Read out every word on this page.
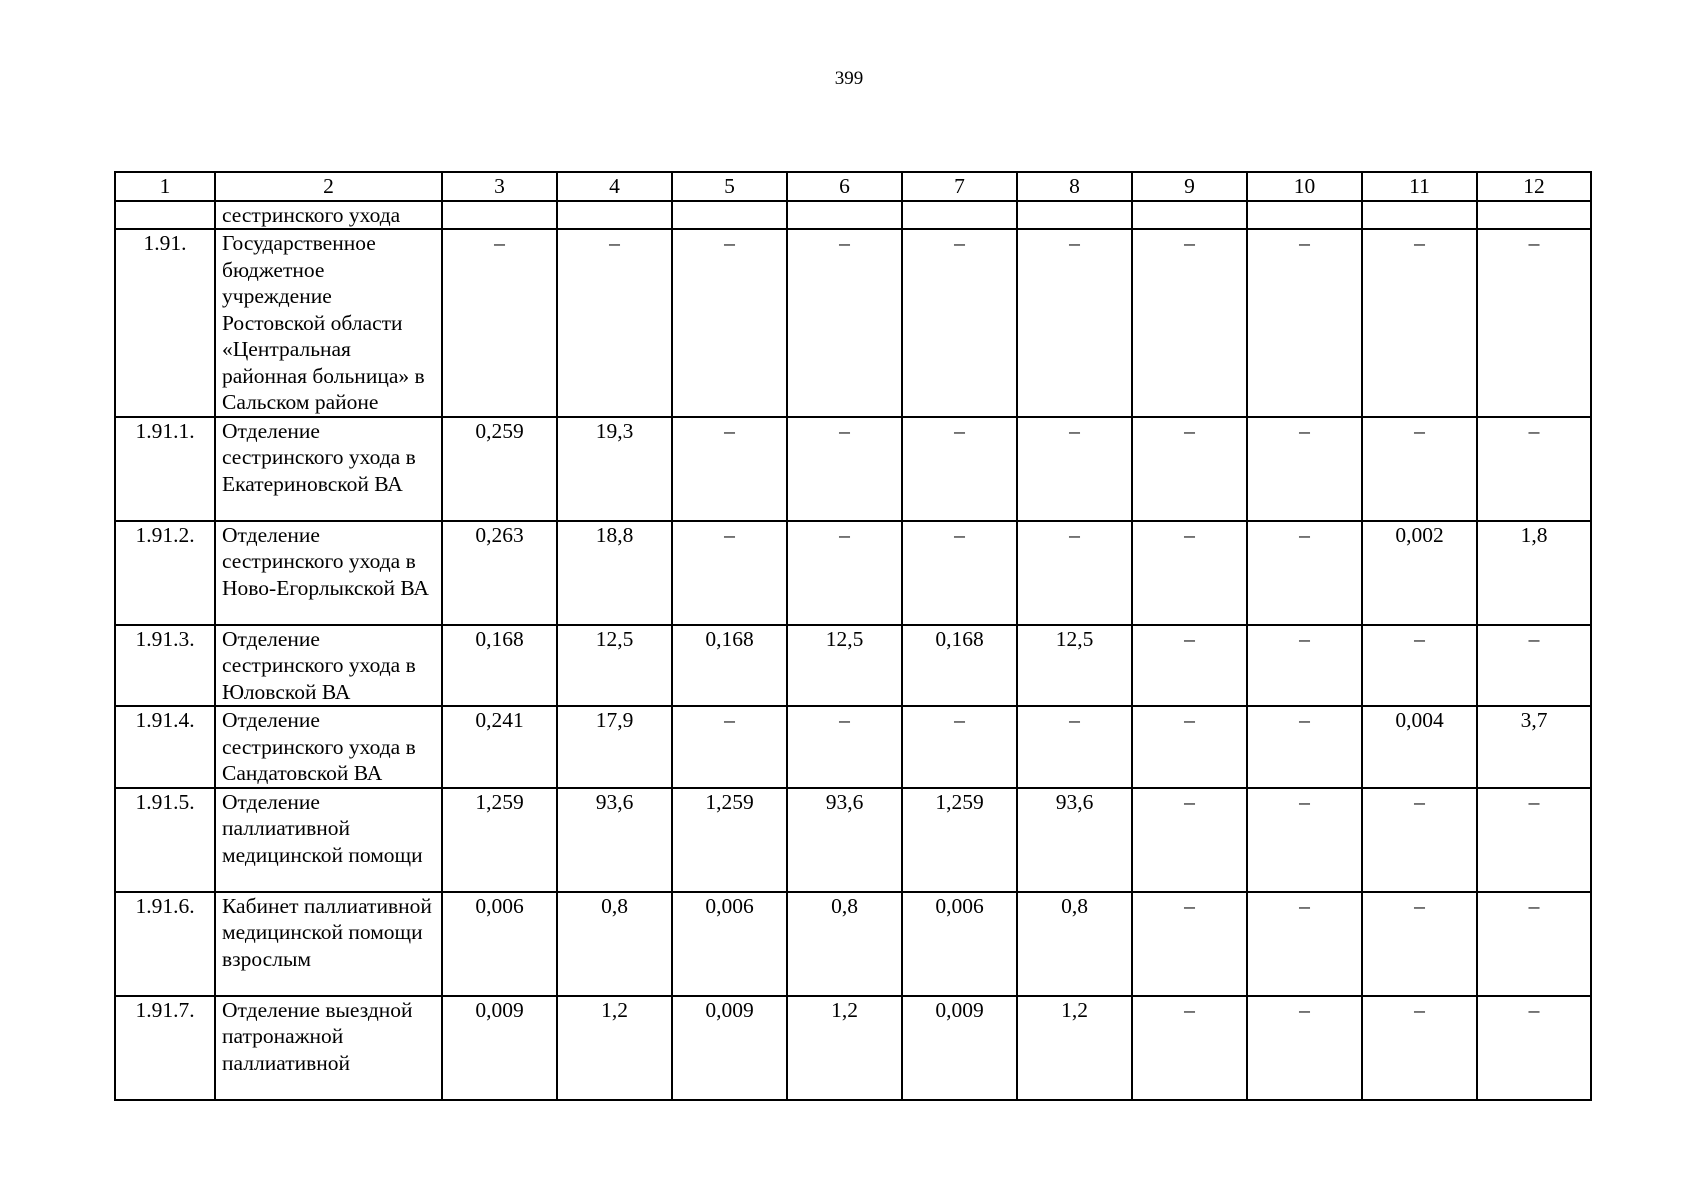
399
1	2	3	4	5	6	7	8	9	10	11	12
	сестринского ухода										
1.91.	Государственное бюджетное учреждение Ростовской области «Центральная районная больница» в Сальском районе	–	–	–	–	–	–	–	–	–	–
1.91.1.	Отделение сестринского ухода в Екатериновской ВА	0,259	19,3	–	–	–	–	–	–	–	–
1.91.2.	Отделение сестринского ухода в Ново-Егорлыкской ВА	0,263	18,8	–	–	–	–	–	–	0,002	1,8
1.91.3.	Отделение сестринского ухода в Юловской ВА	0,168	12,5	0,168	12,5	0,168	12,5	–	–	–	–
1.91.4.	Отделение сестринского ухода в Сандатовской ВА	0,241	17,9	–	–	–	–	–	–	0,004	3,7
1.91.5.	Отделение паллиативной медицинской помощи	1,259	93,6	1,259	93,6	1,259	93,6	–	–	–	–
1.91.6.	Кабинет паллиативной медицинской помощи взрослым	0,006	0,8	0,006	0,8	0,006	0,8	–	–	–	–
1.91.7.	Отделение выездной патронажной паллиативной	0,009	1,2	0,009	1,2	0,009	1,2	–	–	–	–
